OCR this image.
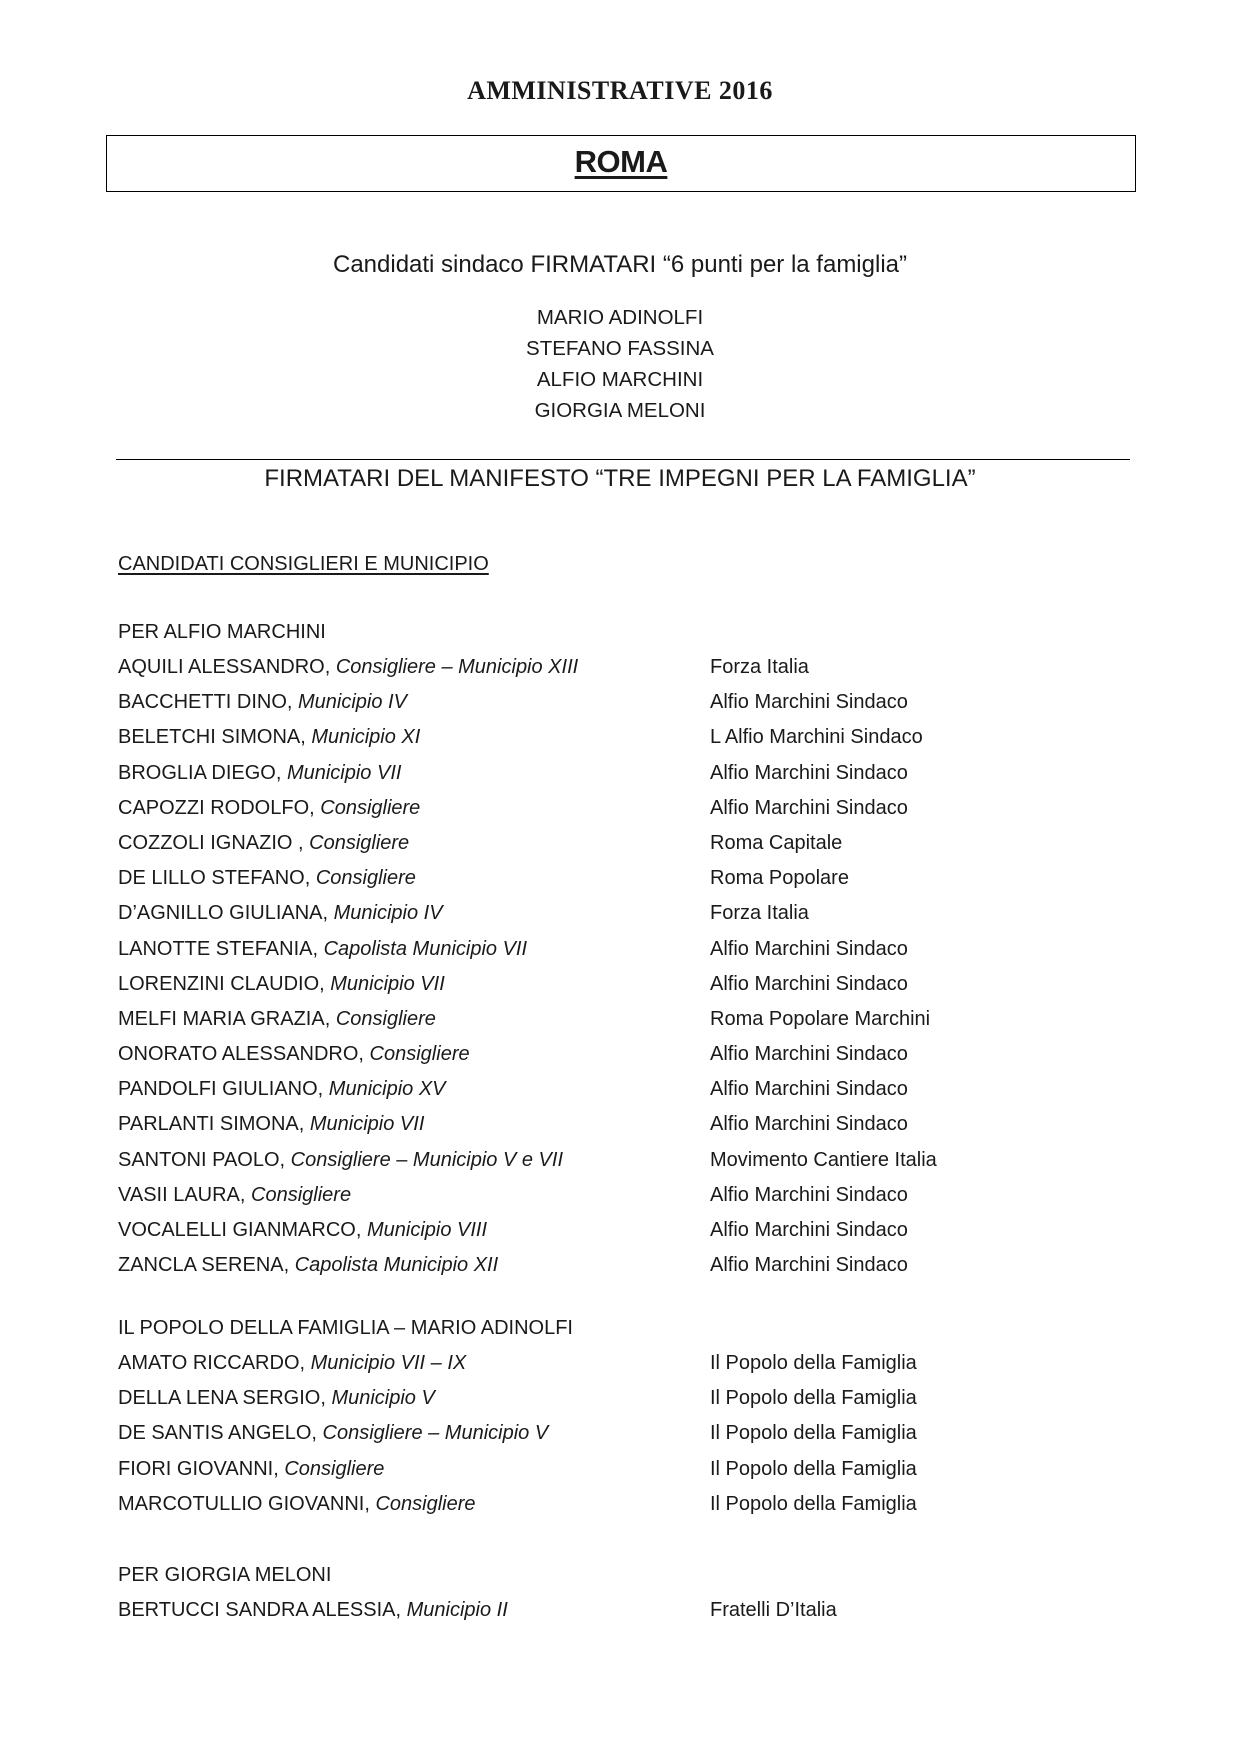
AMMINISTRATIVE 2016
ROMA
Candidati sindaco FIRMATARI “6 punti per la famiglia”
MARIO ADINOLFI
STEFANO FASSINA
ALFIO MARCHINI
GIORGIA MELONI
FIRMATARI DEL MANIFESTO “TRE IMPEGNI PER LA FAMIGLIA”
CANDIDATI CONSIGLIERI E MUNICIPIO
PER ALFIO MARCHINI
AQUILI ALESSANDRO, Consigliere – Municipio XIII	Forza Italia
BACCHETTI DINO, Municipio IV	Alfio Marchini Sindaco
BELETCHI SIMONA, Municipio XI	L Alfio Marchini Sindaco
BROGLIA DIEGO, Municipio VII	Alfio Marchini Sindaco
CAPOZZI RODOLFO, Consigliere	Alfio Marchini Sindaco
COZZOLI IGNAZIO , Consigliere	Roma Capitale
DE LILLO STEFANO, Consigliere	Roma Popolare
D’AGNILLO GIULIANA, Municipio IV	Forza Italia
LANOTTE STEFANIA, Capolista Municipio VII	Alfio Marchini Sindaco
LORENZINI CLAUDIO, Municipio VII	Alfio Marchini Sindaco
MELFI MARIA GRAZIA, Consigliere	Roma Popolare Marchini
ONORATO ALESSANDRO, Consigliere	Alfio Marchini Sindaco
PANDOLFI GIULIANO, Municipio XV	Alfio Marchini Sindaco
PARLANTI SIMONA, Municipio VII	Alfio Marchini Sindaco
SANTONI PAOLO, Consigliere – Municipio V e VII	Movimento Cantiere Italia
VASII LAURA, Consigliere	Alfio Marchini Sindaco
VOCALELLI GIANMARCO, Municipio VIII	Alfio Marchini Sindaco
ZANCLA SERENA, Capolista Municipio XII	Alfio Marchini Sindaco
IL POPOLO DELLA FAMIGLIA – MARIO ADINOLFI
AMATO RICCARDO, Municipio VII – IX	Il Popolo della Famiglia
DELLA LENA SERGIO, Municipio V	Il Popolo della Famiglia
DE SANTIS ANGELO, Consigliere – Municipio V	Il Popolo della Famiglia
FIORI GIOVANNI, Consigliere	Il Popolo della Famiglia
MARCOTULLIO GIOVANNI, Consigliere	Il Popolo della Famiglia
PER GIORGIA MELONI
BERTUCCI SANDRA ALESSIA, Municipio II	Fratelli D’Italia
